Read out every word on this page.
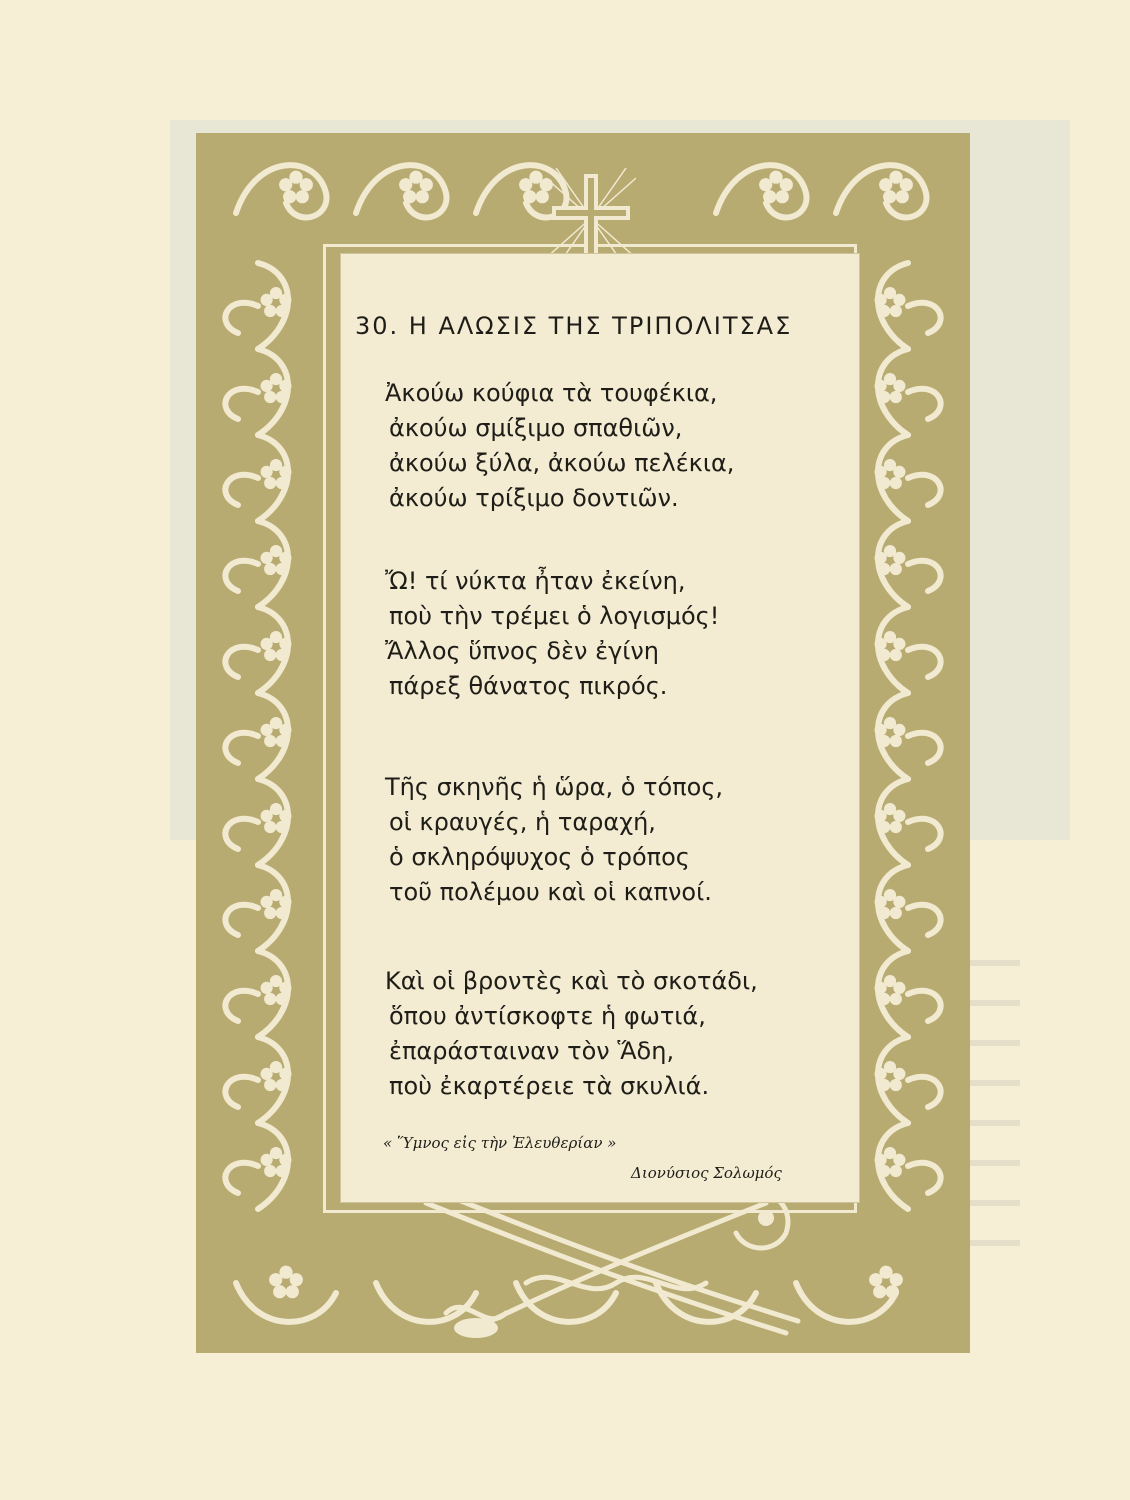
30. Η ΑΛΩΣΙΣ ΤΗΣ ΤΡΙΠΟΛΙΤΣΑΣ
Ἀκούω κούφια τὰ τουφέκια,
ἀκούω σμίξιμο σπαθιῶν,
ἀκούω ξύλα, ἀκούω πελέκια,
ἀκούω τρίξιμο δοντιῶν.
Ὤ! τί νύκτα ἦταν ἐκείνη,
ποὺ τὴν τρέμει ὁ λογισμός!
Ἄλλος ὕπνος δὲν ἐγίνη
πάρεξ θάνατος πικρός.
Τῆς σκηνῆς ἡ ὥρα, ὁ τόπος,
οἱ κραυγές, ἡ ταραχή,
ὁ σκληρόψυχος ὁ τρόπος
τοῦ πολέμου καὶ οἱ καπνοί.
Καὶ οἱ βροντὲς καὶ τὸ σκοτάδι,
ὅπου ἀντίσκοφτε ἡ φωτιά,
ἐπαράσταιναν τὸν Ἅδη,
ποὺ ἐκαρτέρειε τὰ σκυλιά.
« Ὕμνος εἰς τὴν Ἐλευθερίαν »
Διονύσιος Σολωμός
